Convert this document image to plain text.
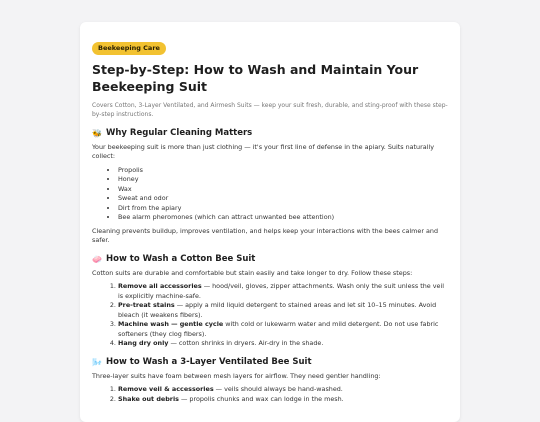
Beekeeping Care
Step-by-Step: How to Wash and Maintain Your Beekeeping Suit
Covers Cotton, 3-Layer Ventilated, and Airmesh Suits — keep your suit fresh, durable, and sting-proof with these step-by-step instructions.
🐝 Why Regular Cleaning Matters

Your beekeeping suit is more than just clothing — it's your first line of defense in the apiary. Suits naturally collect:

• Propolis
• Honey
• Wax
• Sweat and odor
• Dirt from the apiary
• Bee alarm pheromones (which can attract unwanted bee attention)

Cleaning prevents buildup, improves ventilation, and helps keep your interactions with the bees calmer and safer.

🧼 How to Wash a Cotton Bee Suit

Cotton suits are durable and comfortable but stain easily and take longer to dry. Follow these steps:

1. Remove all accessories — hood/veil, gloves, zipper attachments. Wash only the suit unless the veil is explicitly machine-safe.
2. Pre-treat stains — apply a mild liquid detergent to stained areas and let sit 10–15 minutes. Avoid bleach (it weakens fibers).
3. Machine wash — gentle cycle with cold or lukewarm water and mild detergent. Do not use fabric softeners (they clog fibers).
4. Hang dry only — cotton shrinks in dryers. Air-dry in the shade.
🌬️ How to Wash a 3-Layer Ventilated Bee Suit

Three-layer suits have foam between mesh layers for airflow. They need gentler handling:

1. Remove veil & accessories — veils should always be hand-washed.
2. Shake out debris — propolis chunks and wax can lodge in the mesh.
